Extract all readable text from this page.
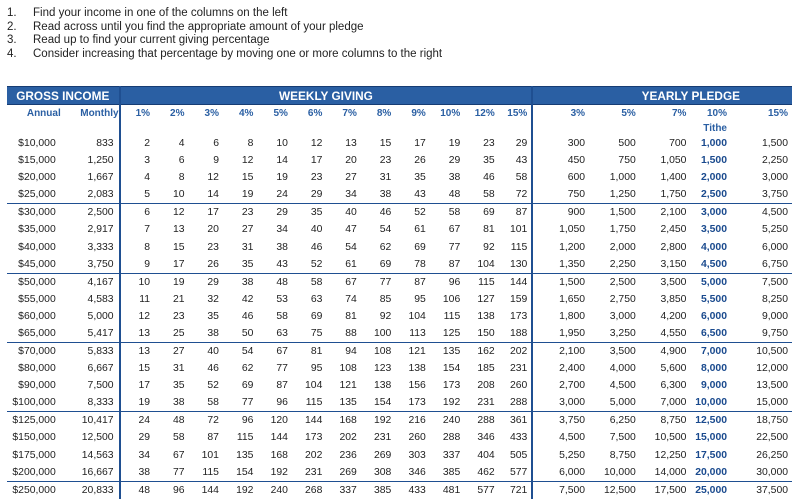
1.	Find your income in one of the columns on the left
2.	Read across until you find the appropriate amount of your pledge
3.	Read up to find your current giving percentage
4.	Consider increasing that percentage by moving one or more columns to the right
GROSS INCOME		WEEKLY GIVING												YEARLY PLEDGE				
Annual	Monthly	1%	2%	3%	4%	5%	6%	7%	8%	9%	10%	12%	15%	3%	5%	7%	10%	15%
																	Tithe	
$10,000	833	2	4	6	8	10	12	13	15	17	19	23	29	300	500	700	1,000	1,500
$15,000	1,250	3	6	9	12	14	17	20	23	26	29	35	43	450	750	1,050	1,500	2,250
$20,000	1,667	4	8	12	15	19	23	27	31	35	38	46	58	600	1,000	1,400	2,000	3,000
$25,000	2,083	5	10	14	19	24	29	34	38	43	48	58	72	750	1,250	1,750	2,500	3,750
$30,000	2,500	6	12	17	23	29	35	40	46	52	58	69	87	900	1,500	2,100	3,000	4,500
$35,000	2,917	7	13	20	27	34	40	47	54	61	67	81	101	1,050	1,750	2,450	3,500	5,250
$40,000	3,333	8	15	23	31	38	46	54	62	69	77	92	115	1,200	2,000	2,800	4,000	6,000
$45,000	3,750	9	17	26	35	43	52	61	69	78	87	104	130	1,350	2,250	3,150	4,500	6,750
$50,000	4,167	10	19	29	38	48	58	67	77	87	96	115	144	1,500	2,500	3,500	5,000	7,500
$55,000	4,583	11	21	32	42	53	63	74	85	95	106	127	159	1,650	2,750	3,850	5,500	8,250
$60,000	5,000	12	23	35	46	58	69	81	92	104	115	138	173	1,800	3,000	4,200	6,000	9,000
$65,000	5,417	13	25	38	50	63	75	88	100	113	125	150	188	1,950	3,250	4,550	6,500	9,750
$70,000	5,833	13	27	40	54	67	81	94	108	121	135	162	202	2,100	3,500	4,900	7,000	10,500
$80,000	6,667	15	31	46	62	77	95	108	123	138	154	185	231	2,400	4,000	5,600	8,000	12,000
$90,000	7,500	17	35	52	69	87	104	121	138	156	173	208	260	2,700	4,500	6,300	9,000	13,500
$100,000	8,333	19	38	58	77	96	115	135	154	173	192	231	288	3,000	5,000	7,000	10,000	15,000
$125,000	10,417	24	48	72	96	120	144	168	192	216	240	288	361	3,750	6,250	8,750	12,500	18,750
$150,000	12,500	29	58	87	115	144	173	202	231	260	288	346	433	4,500	7,500	10,500	15,000	22,500
$175,000	14,563	34	67	101	135	168	202	236	269	303	337	404	505	5,250	8,750	12,250	17,500	26,250
$200,000	16,667	38	77	115	154	192	231	269	308	346	385	462	577	6,000	10,000	14,000	20,000	30,000
$250,000	20,833	48	96	144	192	240	268	337	385	433	481	577	721	7,500	12,500	17,500	25,000	37,500
